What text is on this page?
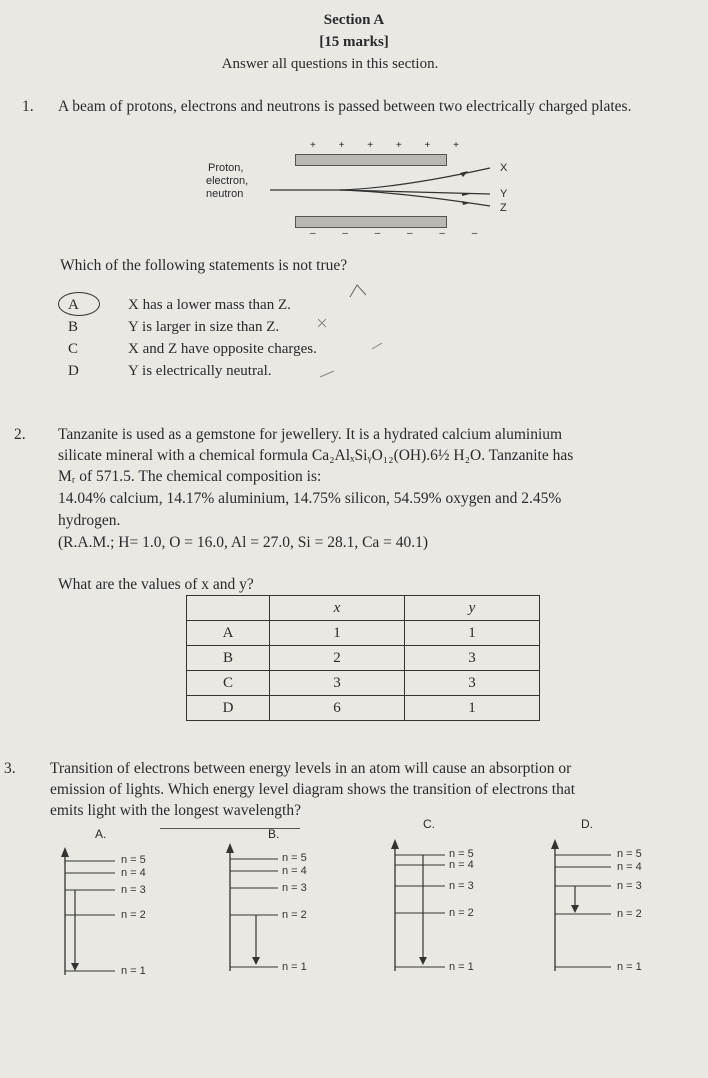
Section A
[15 marks]
Answer all questions in this section.
1. A beam of protons, electrons and neutrons is passed between two electrically charged plates.
+ + + + + +
– – – – – –
Proton,
electron,
neutron
X
Y
Z
Which of the following statements is not true?
A	X has a lower mass than Z.
B	Y is larger in size than Z.
C	X and Z have opposite charges.
D	Y is electrically neutral.
2. Tanzanite is used as a gemstone for jewellery. It is a hydrated calcium aluminium
silicate mineral with a chemical formula Ca₂AlₓSiᵧO₁₂(OH).6½ H₂O. Tanzanite has
Mᵣ of 571.5. The chemical composition is:
14.04% calcium, 14.17% aluminium, 14.75% silicon, 54.59% oxygen and 2.45%
hydrogen.
(R.A.M.; H= 1.0, O = 16.0, Al = 27.0, Si = 28.1, Ca = 40.1)
What are the values of x and y?
	x	y
A	1	1
B	2	3
C	3	3
D	6	1
3. Transition of electrons between energy levels in an atom will cause an absorption or
emission of lights. Which energy level diagram shows the transition of electrons that
emits light with the longest wavelength?
A.
n = 5
n = 4
n = 3
n = 2
n = 1
B.
n = 5
n = 4
n = 3
n = 2
n = 1
C.
n = 5
n = 4
n = 3
n = 2
n = 1
D.
n = 5
n = 4
n = 3
n = 2
n = 1
